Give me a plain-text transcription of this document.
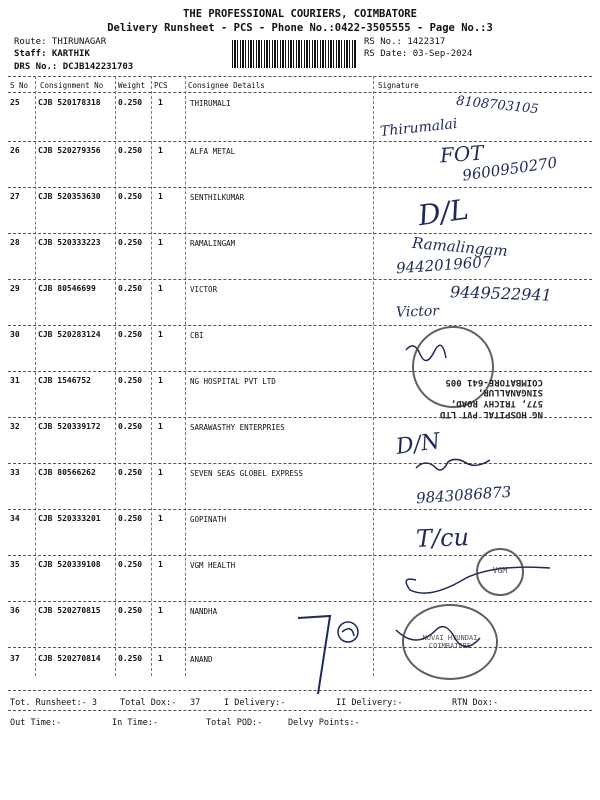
THE PROFESSIONAL COURIERS, COIMBATORE
Delivery Runsheet - PCS - Phone No.:0422-3505555 - Page No.:3
Route: THIRUNAGAR
Staff: KARTHIK
DRS No.: DCJB142231703
RS No.: 1422317
RS Date: 03-Sep-2024
S No Consignment No Weight PCS	Consignee Details	Signature
25 CJB 520178318 0.250 1	THIRUMALI
26 CJB 520279356 0.250 1	ALFA METAL
27 CJB 520353630 0.250 1	SENTHILKUMAR
28 CJB 520333223 0.250 1	RAMALINGAM
29 CJB 80546699	0.250 1	VICTOR
30 CJB 520283124 0.250 1	CBI
31 CJB 1546752	0.250 1	NG HOSPITAL PVT LTD
32 CJB 520339172 0.250 1	SARAWASTHY ENTERPRIES
33 CJB 80566262	0.250 1	SEVEN SEAS GLOBEL EXPRESS
34 CJB 520333201 0.250 1	GOPINATH
35 CJB 520339108 0.250 1	VGM HEALTH
36 CJB 520270815 0.250 1	NANDHA
37 CJB 520270814 0.250 1	ANAND
8108703105
Thirumalai
FOT
9600950270
D/L
Ramalingam
9442019607
9449522941
Victor
D/N
9843086873
T/cu
NG HOSPITAL PVT LTD
577, TRICHY ROAD,
SINGANALLUR,
COIMBATORE-641 005
VGM
NOVAI HYUNDAI COIMBATORE
Tot. Runsheet:- 3	Total Dox:- 37	I Delivery:-	II Delivery:-	RTN Dox:-
Out Time:-	In Time:-	Total POD:-	Delvy Points:-
